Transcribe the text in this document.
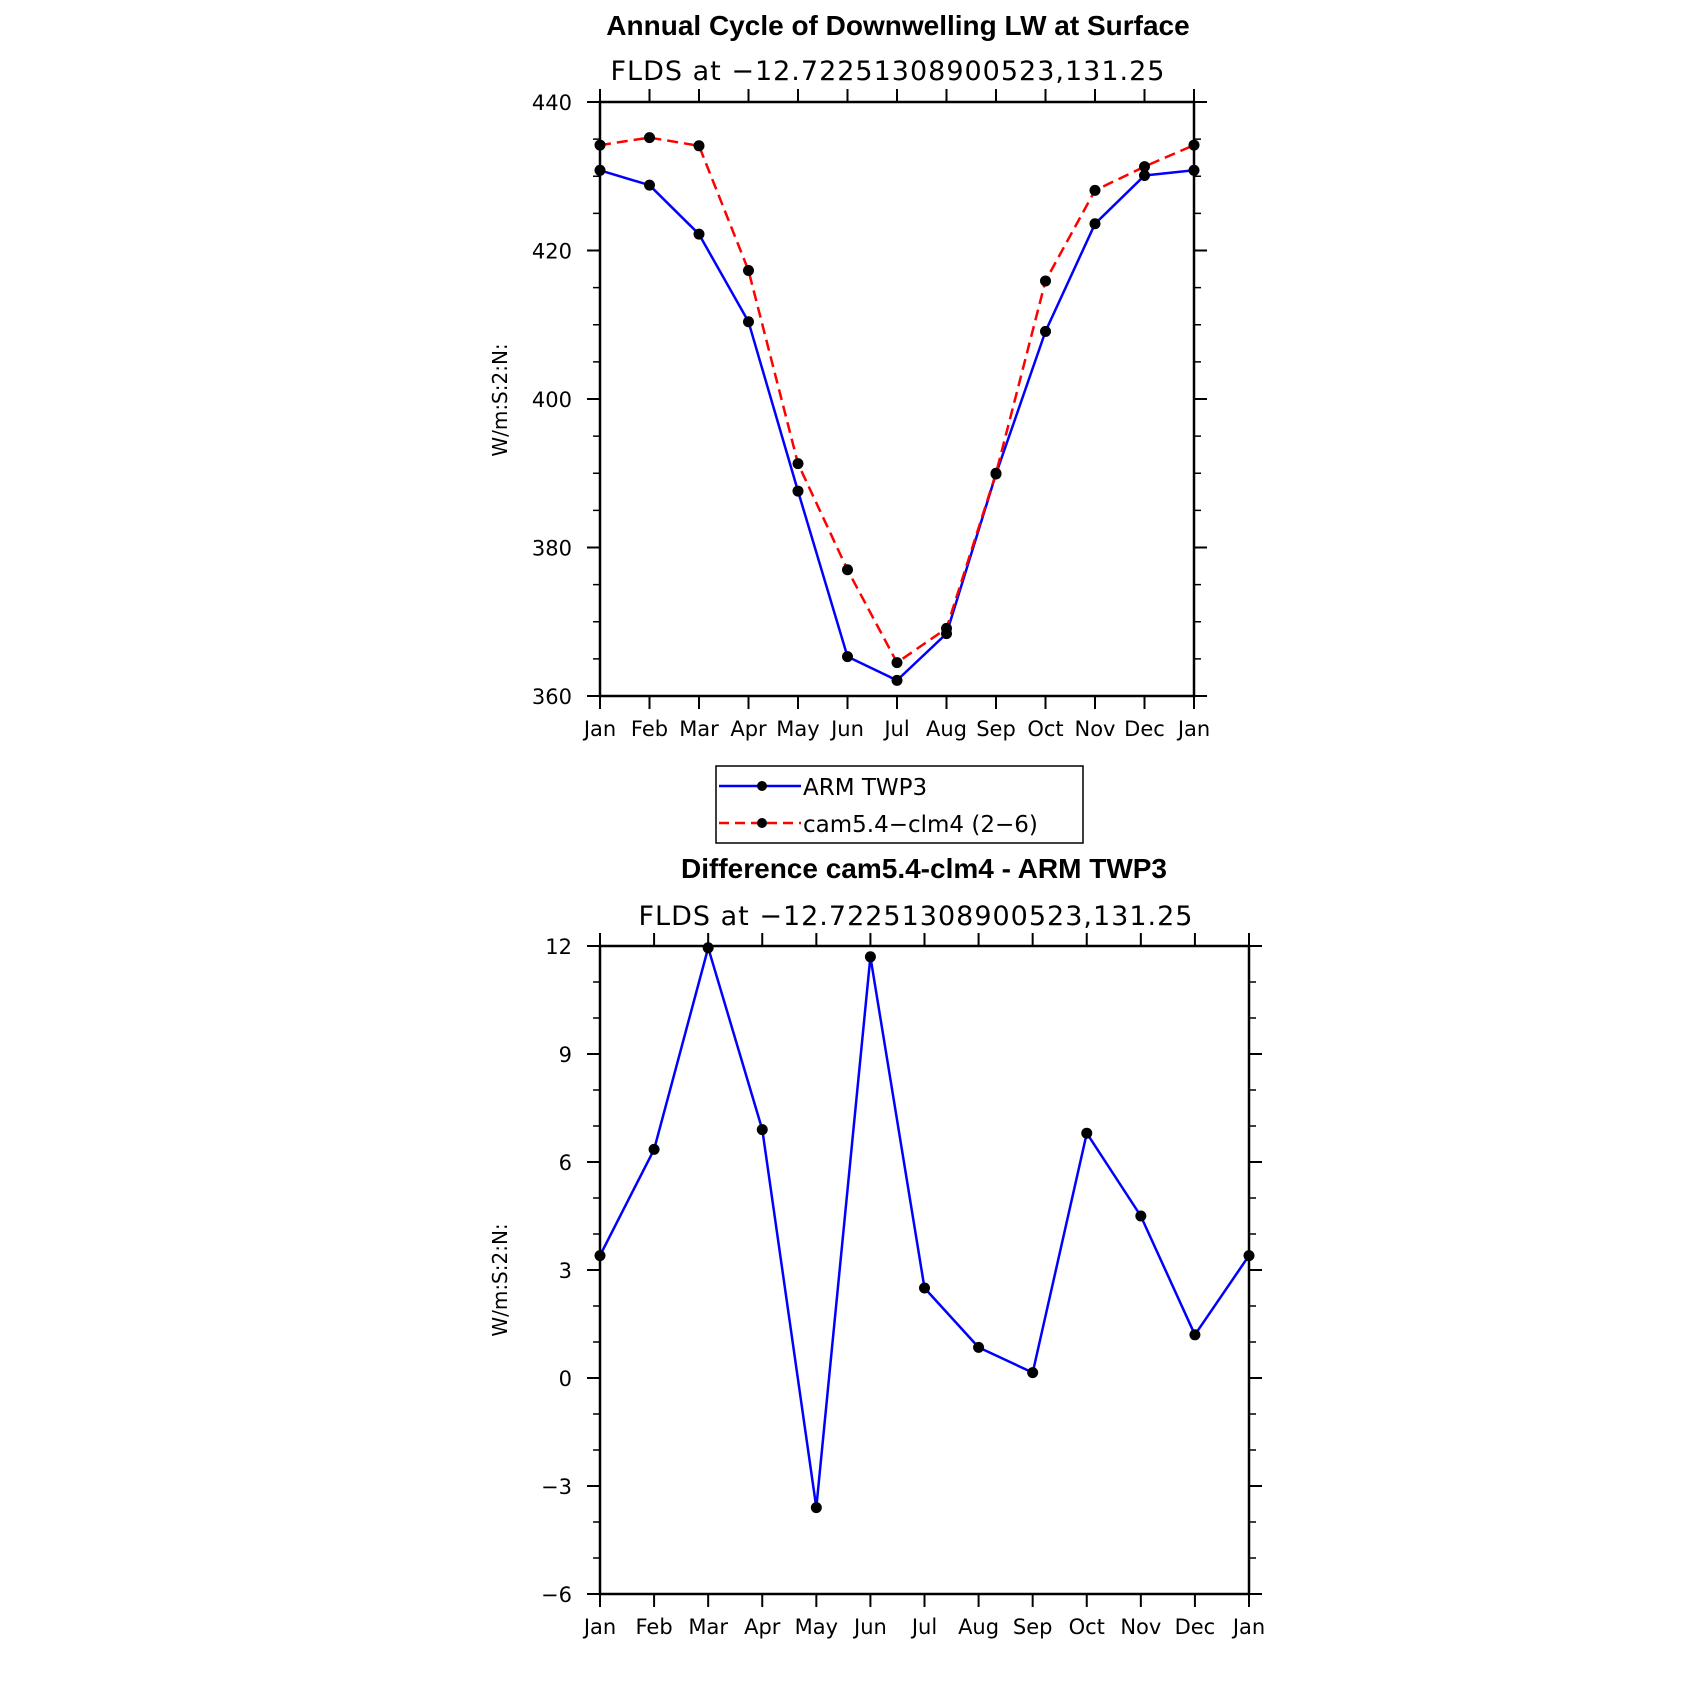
Annual Cycle of Downwelling LW at Surface
FLDS at −12.72251308900523,131.25
W/m:S:2:N:
Jan Feb Mar Apr May Jun Jul Aug Sep Oct Nov Dec Jan
360
380
400
420
440
ARM TWP3
cam5.4−clm4 (2−6)
Difference cam5.4-clm4 - ARM TWP3
FLDS at −12.72251308900523,131.25
W/m:S:2:N:
Jan Feb Mar Apr May Jun Jul Aug Sep Oct Nov Dec Jan
−6
−3
0
3
6
9
12
